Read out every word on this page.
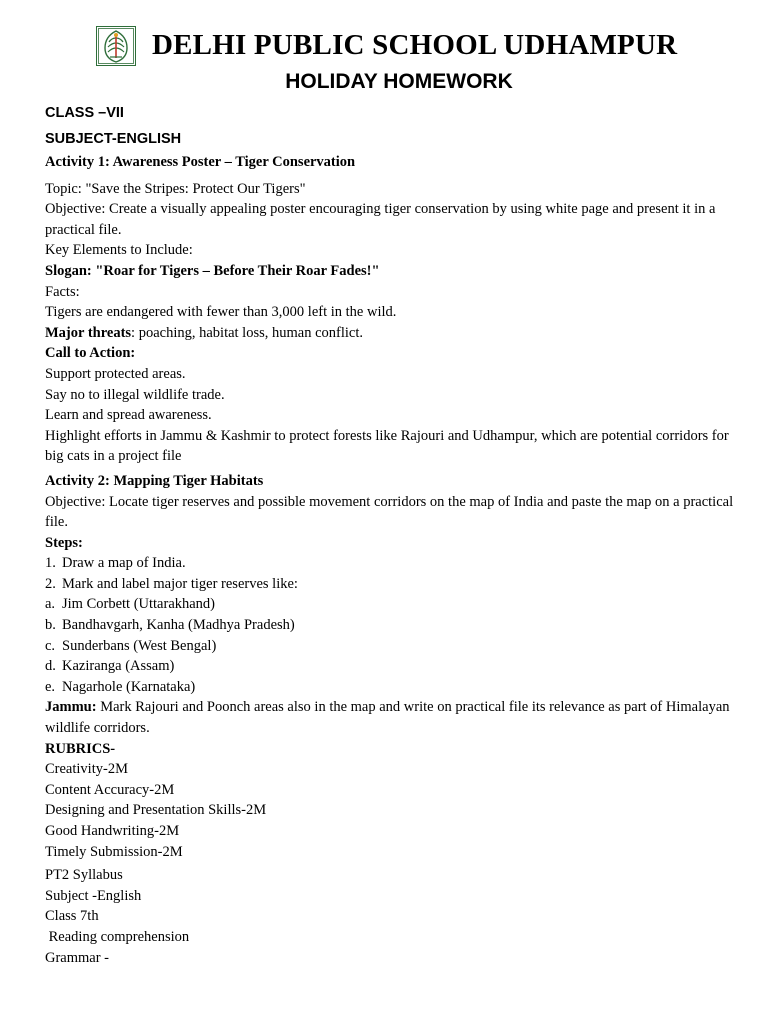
DELHI PUBLIC SCHOOL UDHAMPUR
HOLIDAY HOMEWORK
CLASS –VII
SUBJECT-ENGLISH
Activity 1: Awareness Poster – Tiger Conservation
Topic: "Save the Stripes: Protect Our Tigers"
Objective: Create a visually appealing poster encouraging tiger conservation by using white page and present it in a practical file.
Key Elements to Include:
Slogan: "Roar for Tigers – Before Their Roar Fades!"
Facts:
Tigers are endangered with fewer than 3,000 left in the wild.
Major threats: poaching, habitat loss, human conflict.
Call to Action:
Support protected areas.
Say no to illegal wildlife trade.
Learn and spread awareness.
Highlight efforts in Jammu & Kashmir to protect forests like Rajouri and Udhampur, which are potential corridors for big cats in a project file
Activity 2: Mapping Tiger Habitats
Objective: Locate tiger reserves and possible movement corridors on the map of India and paste the map on a practical file.
Steps:
1. Draw a map of India.
2. Mark and label major tiger reserves like:
a. Jim Corbett (Uttarakhand)
b. Bandhavgarh, Kanha (Madhya Pradesh)
c. Sunderbans (West Bengal)
d. Kaziranga (Assam)
e. Nagarhole (Karnataka)
Jammu: Mark Rajouri and Poonch areas also in the map and write on practical file its relevance as part of Himalayan wildlife corridors.
RUBRICS-
Creativity-2M
Content Accuracy-2M
Designing and Presentation Skills-2M
Good Handwriting-2M
Timely Submission-2M
PT2 Syllabus
Subject -English
Class 7th
Reading comprehension
Grammar -
